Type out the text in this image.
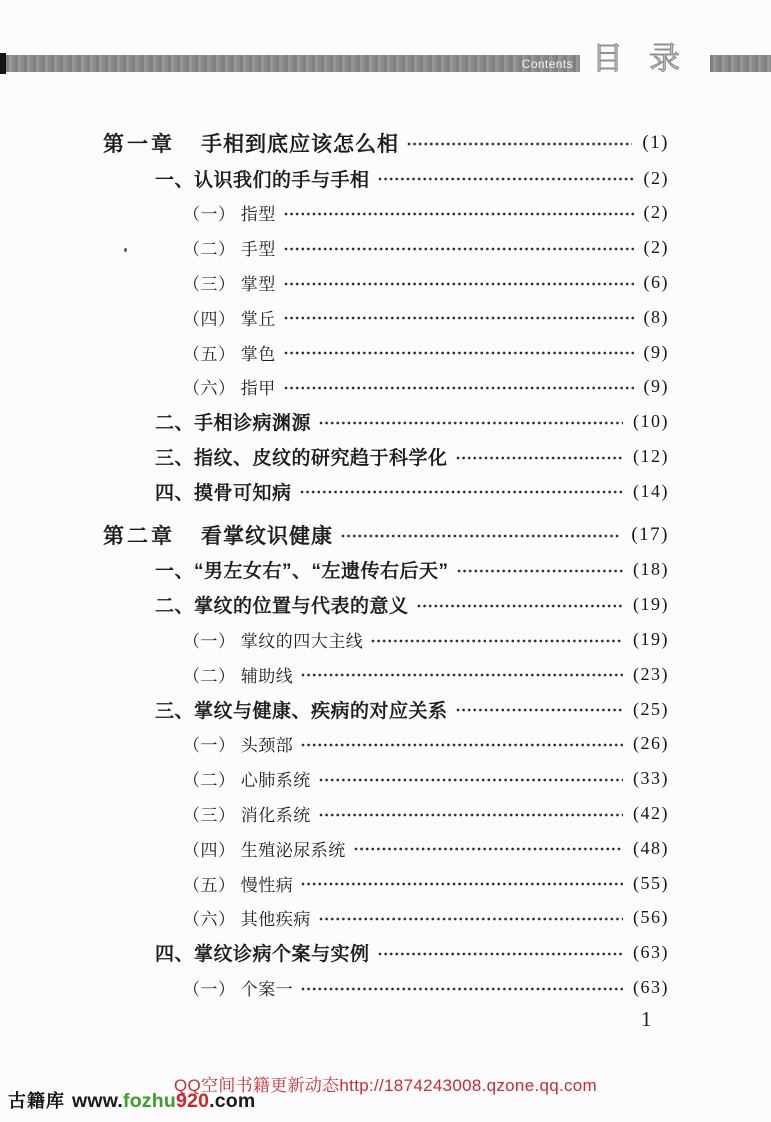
Contents 目录
第一章 手相到底应该怎么相	(1)
一、认识我们的手与手相	(2)
（一） 指型	(2)
（二） 手型	(2)
（三） 掌型	(6)
（四） 掌丘	(8)
（五） 掌色	(9)
（六） 指甲	(9)
二、手相诊病渊源	(10)
三、指纹、皮纹的研究趋于科学化	(12)
四、摸骨可知病	(14)
第二章 看掌纹识健康	(17)
一、“男左女右”、“左遗传右后天”	(18)
二、掌纹的位置与代表的意义	(19)
（一） 掌纹的四大主线	(19)
（二） 辅助线	(23)
三、掌纹与健康、疾病的对应关系	(25)
（一） 头颈部	(26)
（二） 心肺系统	(33)
（三） 消化系统	(42)
（四） 生殖泌尿系统	(48)
（五） 慢性病	(55)
（六） 其他疾病	(56)
四、掌纹诊病个案与实例	(63)
（一） 个案一	(63)
1
QQ空间书籍更新动态http://1874243008.qzone.qq.com
古籍库 www.fozhu920.com
